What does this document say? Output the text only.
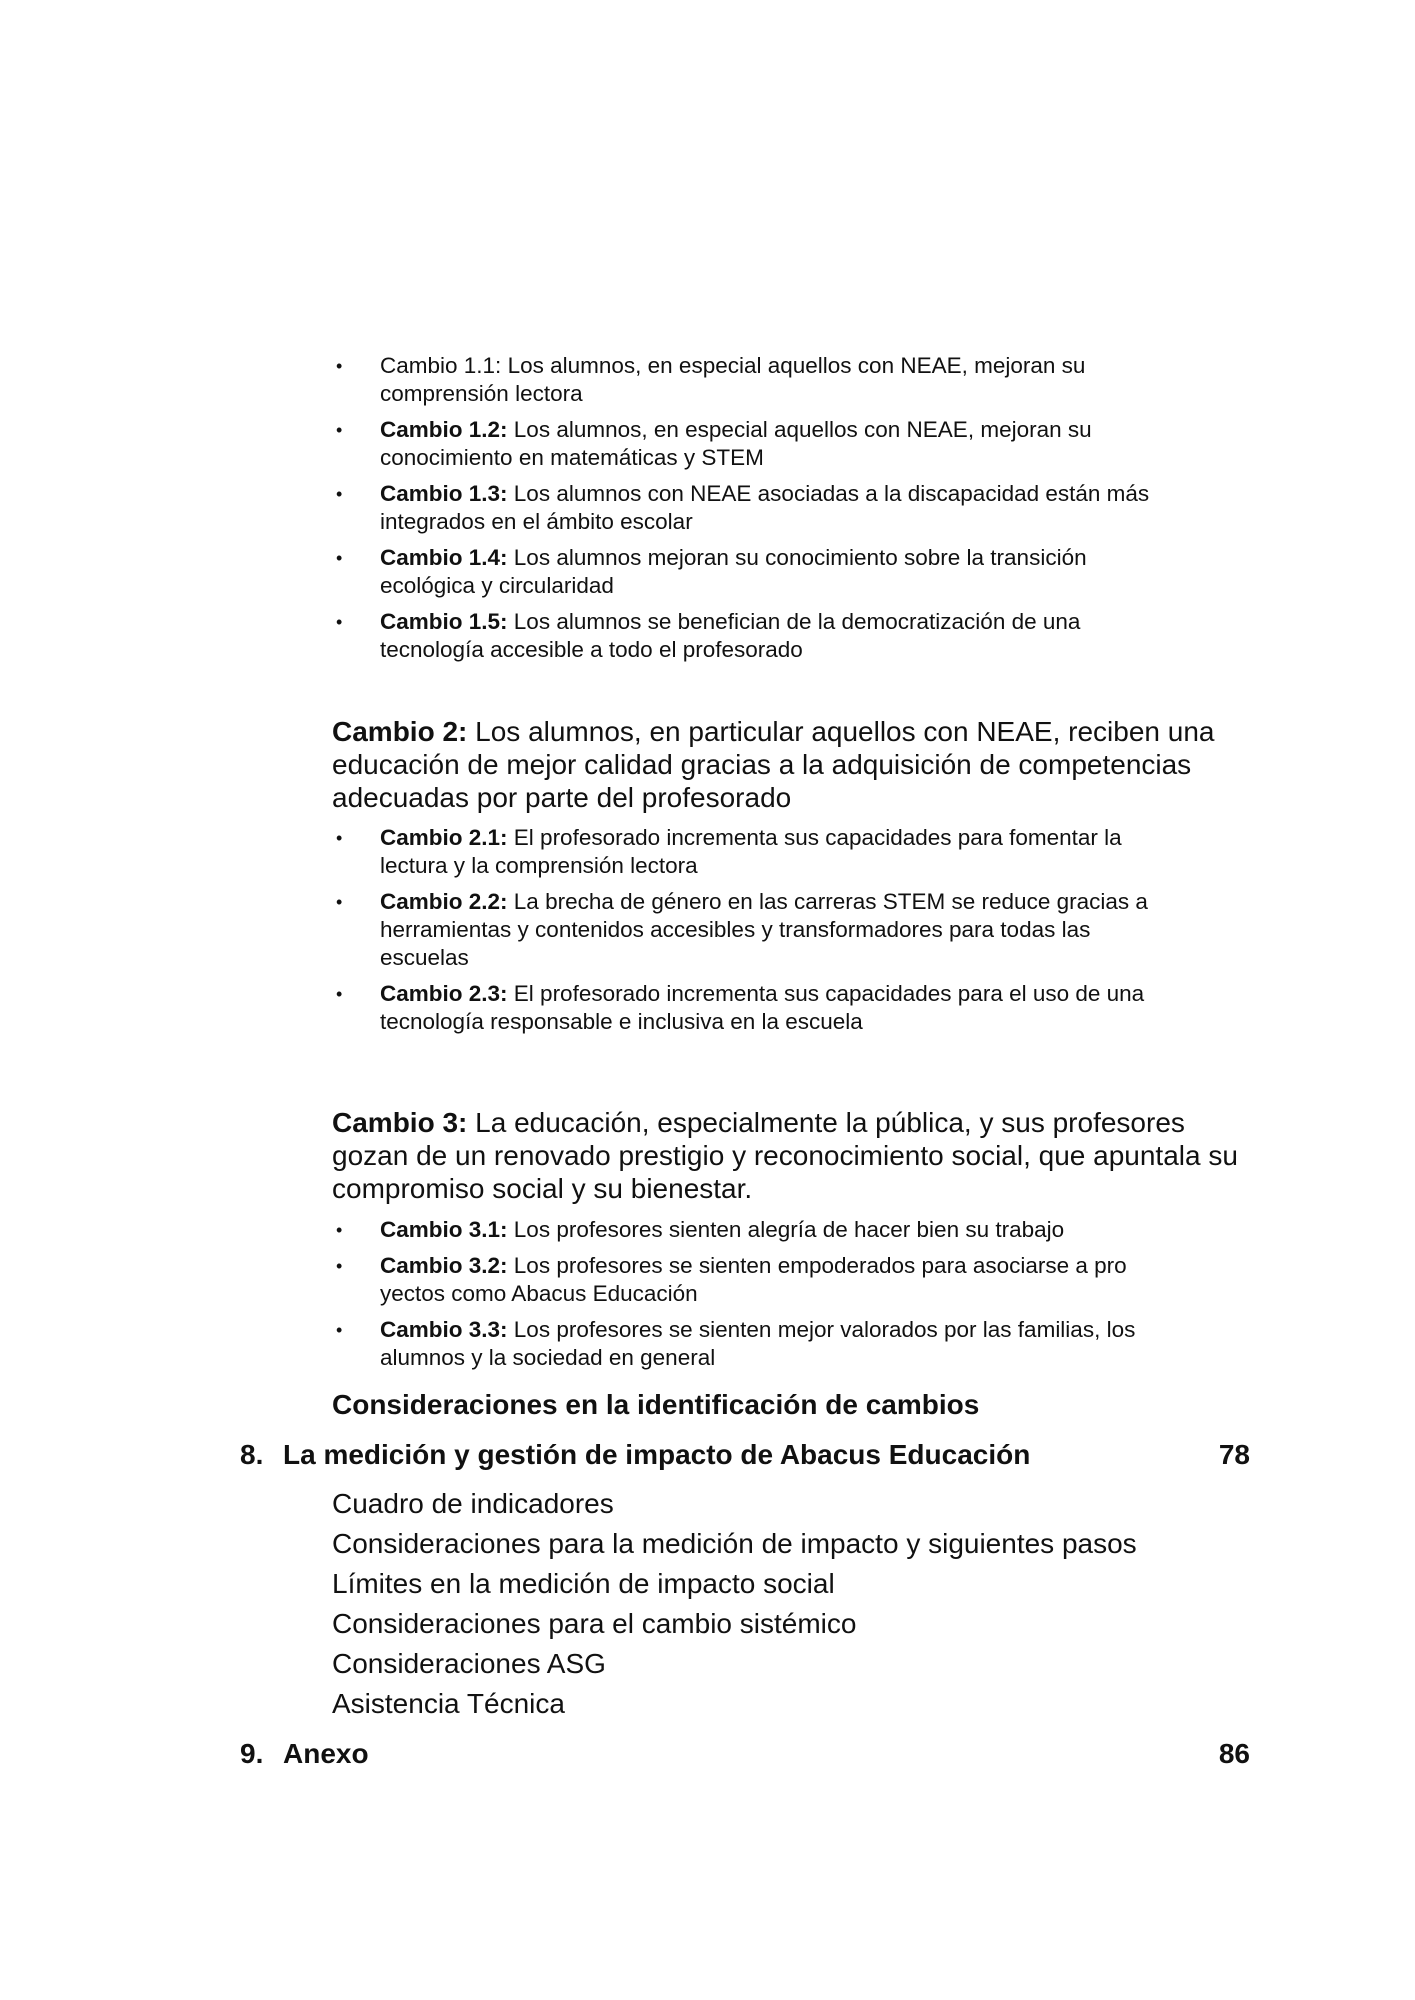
• Cambio 1.1: Los alumnos, en especial aquellos con NEAE, mejoran su comprensión lectora
• Cambio 1.2: Los alumnos, en especial aquellos con NEAE, mejoran su conocimiento en matemáticas y STEM
• Cambio 1.3: Los alumnos con NEAE asociadas a la discapacidad están más integrados en el ámbito escolar
• Cambio 1.4: Los alumnos mejoran su conocimiento sobre la transición ecológica y circularidad
• Cambio 1.5: Los alumnos se benefician de la democratización de una tecnología accesible a todo el profesorado
Cambio 2: Los alumnos, en particular aquellos con NEAE, reciben una educación de mejor calidad gracias a la adquisición de competencias adecuadas por parte del profesorado
• Cambio 2.1: El profesorado incrementa sus capacidades para fomentar la lectura y la comprensión lectora
• Cambio 2.2: La brecha de género en las carreras STEM se reduce gracias a herramientas y contenidos accesibles y transformadores para todas las escuelas
• Cambio 2.3: El profesorado incrementa sus capacidades para el uso de una tecnología responsable e inclusiva en la escuela
Cambio 3: La educación, especialmente la pública, y sus profesores gozan de un renovado prestigio y reconocimiento social, que apuntala su compromiso social y su bienestar.
• Cambio 3.1: Los profesores sienten alegría de hacer bien su trabajo
• Cambio 3.2: Los profesores se sienten empoderados para asociarse a pro yectos como Abacus Educación
• Cambio 3.3: Los profesores se sienten mejor valorados por las familias, los alumnos y la sociedad en general
Consideraciones en la identificación de cambios
8. La medición y gestión de impacto de Abacus Educación	78
Cuadro de indicadores
Consideraciones para la medición de impacto y siguientes pasos
Límites en la medición de impacto social
Consideraciones para el cambio sistémico
Consideraciones ASG
Asistencia Técnica
9. Anexo	86
